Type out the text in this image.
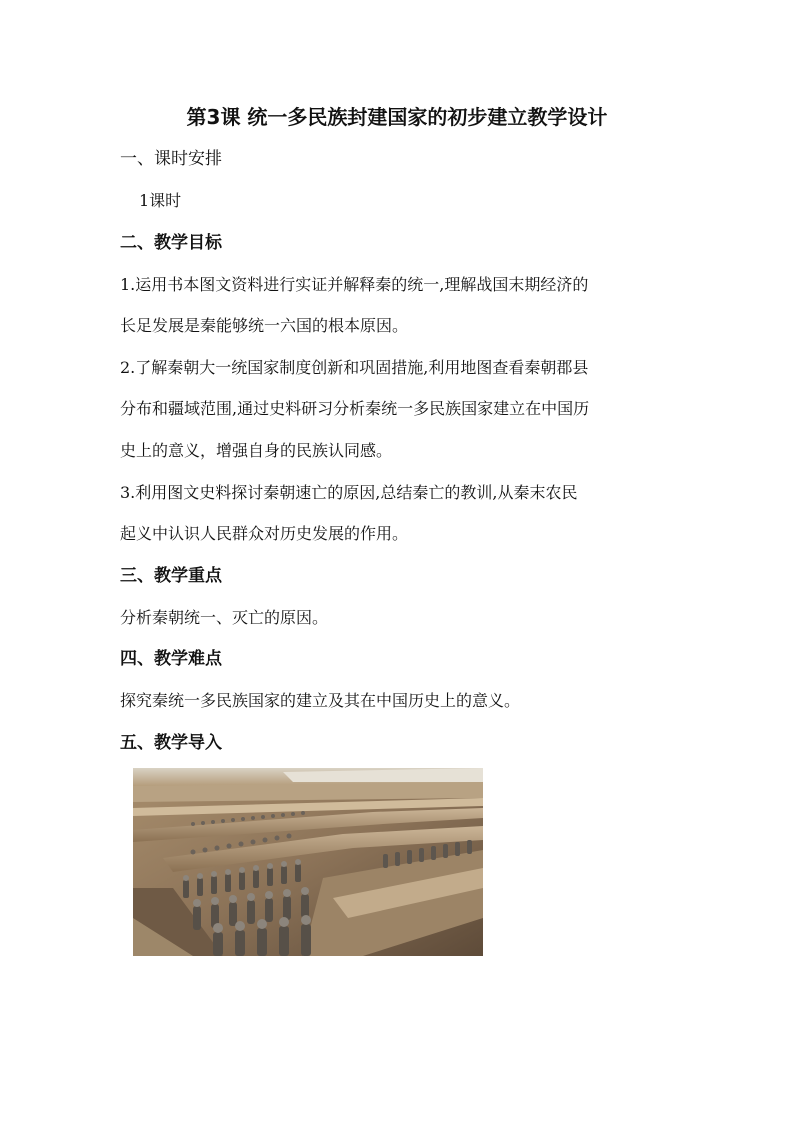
第3课 统一多民族封建国家的初步建立教学设计
一、课时安排
1课时
二、教学目标
1.运用书本图文资料进行实证并解释秦的统一,理解战国末期经济的
长足发展是秦能够统一六国的根本原因。
2.了解秦朝大一统国家制度创新和巩固措施,利用地图查看秦朝郡县
分布和疆域范围,通过史料研习分析秦统一多民族国家建立在中国历
史上的意义，增强自身的民族认同感。
3.利用图文史料探讨秦朝速亡的原因,总结秦亡的教训,从秦末农民
起义中认识人民群众对历史发展的作用。
三、教学重点
分析秦朝统一、灭亡的原因。
四、教学难点
探究秦统一多民族国家的建立及其在中国历史上的意义。
五、教学导入
